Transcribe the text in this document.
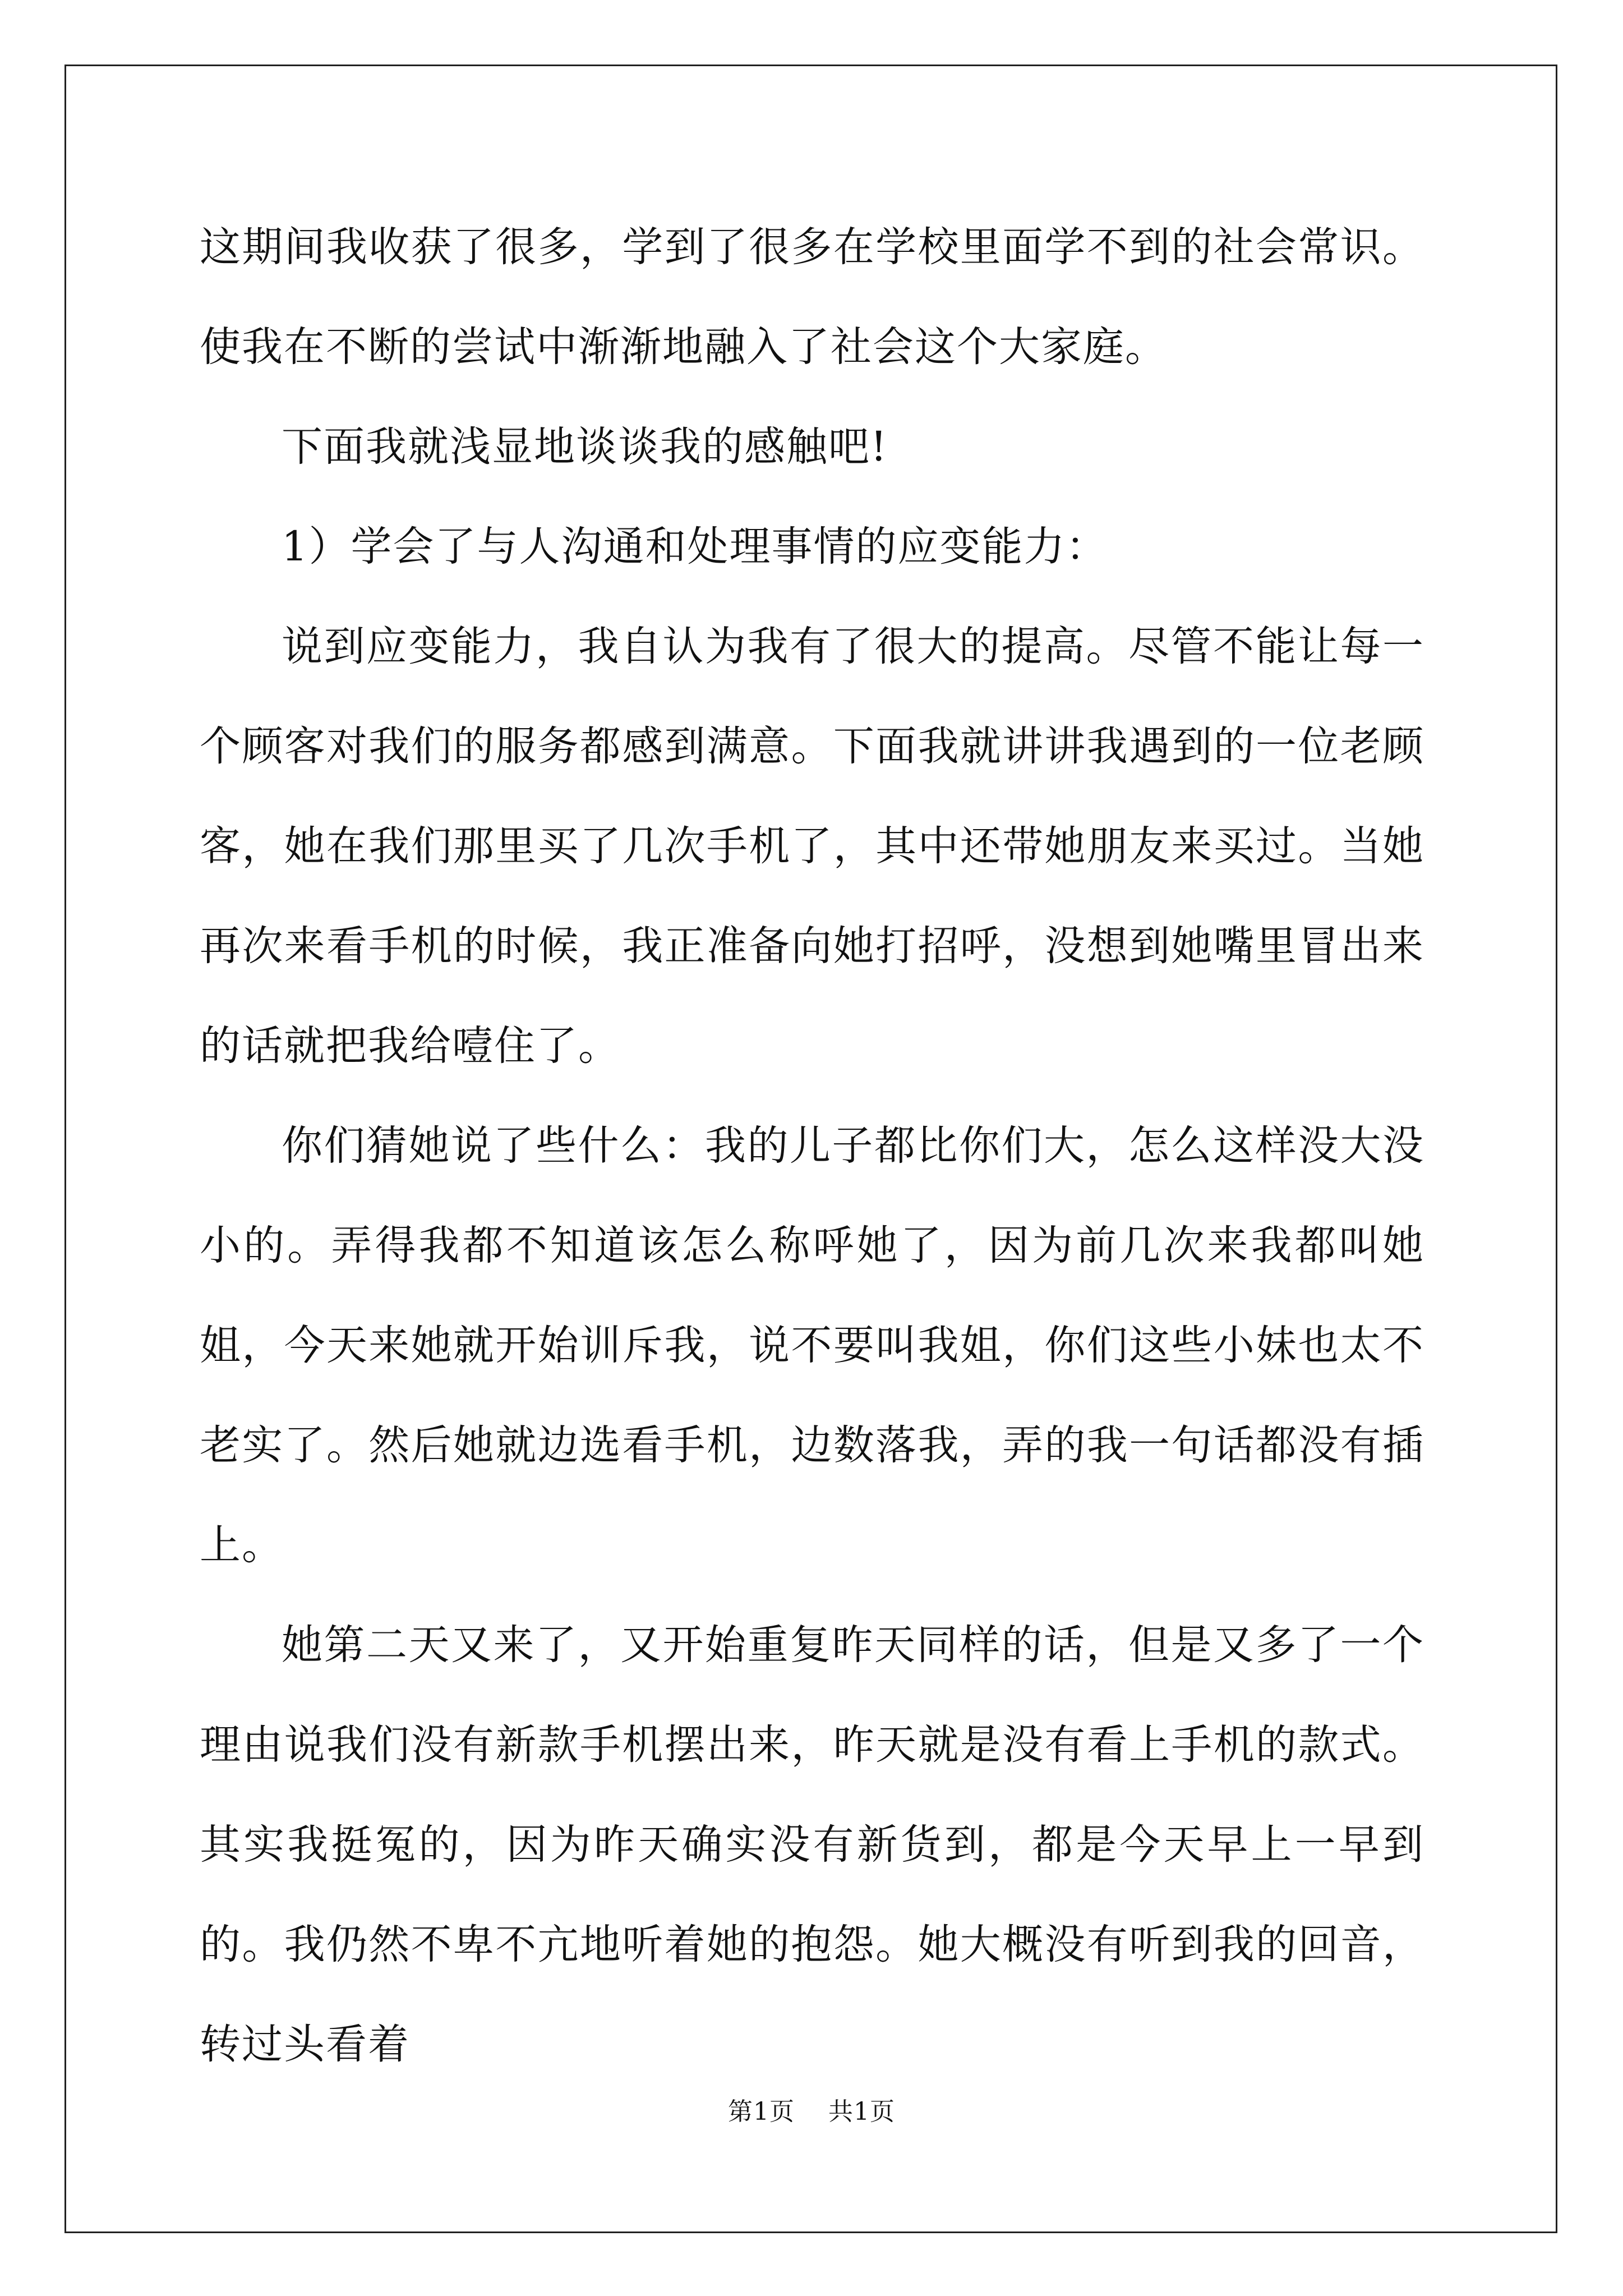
这期间我收获了很多，学到了很多在学校里面学不到的社会常识。使我在不断的尝试中渐渐地融入了社会这个大家庭。

下面我就浅显地谈谈我的感触吧!

1）学会了与人沟通和处理事情的应变能力：

说到应变能力，我自认为我有了很大的提高。尽管不能让每一个顾客对我们的服务都感到满意。下面我就讲讲我遇到的一位老顾客，她在我们那里买了几次手机了，其中还带她朋友来买过。当她再次来看手机的时候，我正准备向她打招呼，没想到她嘴里冒出来的话就把我给噎住了。

你们猜她说了些什么：我的儿子都比你们大，怎么这样没大没小的。弄得我都不知道该怎么称呼她了，因为前几次来我都叫她姐，今天来她就开始训斥我，说不要叫我姐，你们这些小妹也太不老实了。然后她就边选看手机，边数落我，弄的我一句话都没有插上。

她第二天又来了，又开始重复昨天同样的话，但是又多了一个理由说我们没有新款手机摆出来，昨天就是没有看上手机的款式。其实我挺冤的，因为昨天确实没有新货到，都是今天早上一早到的。我仍然不卑不亢地听着她的抱怨。她大概没有听到我的回音，转过头看着

第1页 共1页
